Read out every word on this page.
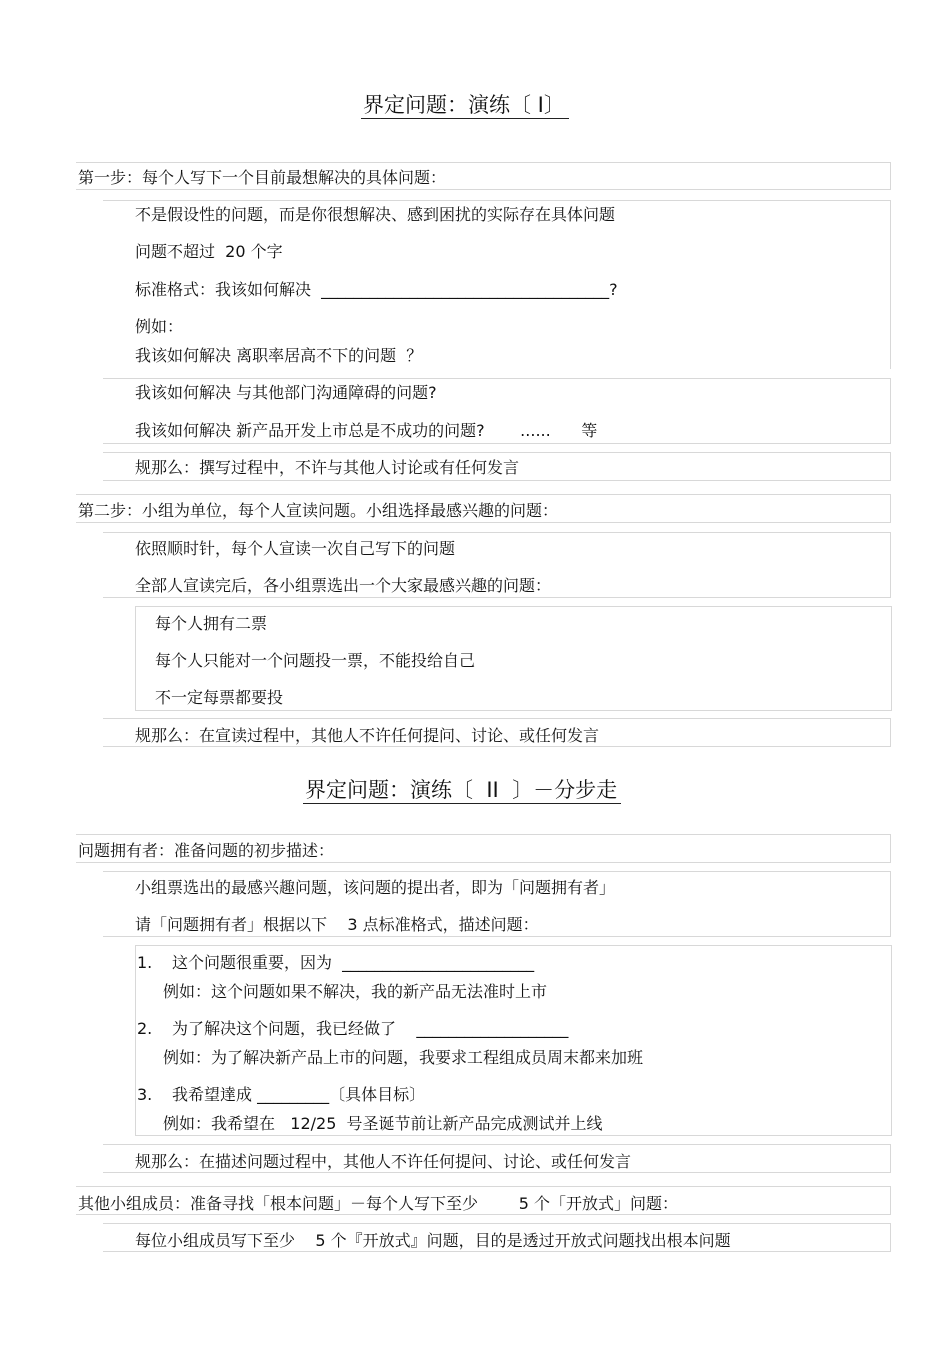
界定问题：演练〔 I〕
第一步：每个人写下一个目前最想解决的具体问题：
不是假设性的问题，而是你很想解决、感到困扰的实际存在具体问题
问题不超过  20 个字
标准格式：我该如何解决  ____________________________________?
例如：
我该如何解决 离职率居高不下的问题  ？
我该如何解决 与其他部门沟通障碍的问题?
我该如何解决 新产品开发上市总是不成功的问题?       ......      等
规那么：撰写过程中，不许与其他人讨论或有任何发言
第二步：小组为单位，每个人宣读问题。小组选择最感兴趣的问题：
依照顺时针，每个人宣读一次自己写下的问题
全部人宣读完后，各小组票选出一个大家最感兴趣的问题：
每个人拥有二票
每个人只能对一个问题投一票，不能投给自己
不一定每票都要投
规那么：在宣读过程中，其他人不许任何提问、讨论、或任何发言
界定问题：演练〔  II  〕－分步走
问题拥有者：准备问题的初步描述：
小组票选出的最感兴趣问题，该问题的提出者，即为「问题拥有者」
请「问题拥有者」根据以下    3 点标准格式，描述问题：
1. 这个问题很重要，因为  ________________________
例如：这个问题如果不解决，我的新产品无法准时上市
2. 为了解决这个问题，我已经做了    ___________________
例如：为了解决新产品上市的问题，我要求工程组成员周末都来加班
3. 我希望達成 _________〔具体目标〕
例如：我希望在   12/25  号圣诞节前让新产品完成测试并上线
规那么：在描述问题过程中，其他人不许任何提问、讨论、或任何发言
其他小组成员：准备寻找「根本问题」－每个人写下至少        5 个「开放式」问题：
每位小组成员写下至少    5 个『开放式』问题，目的是透过开放式问题找出根本问题
